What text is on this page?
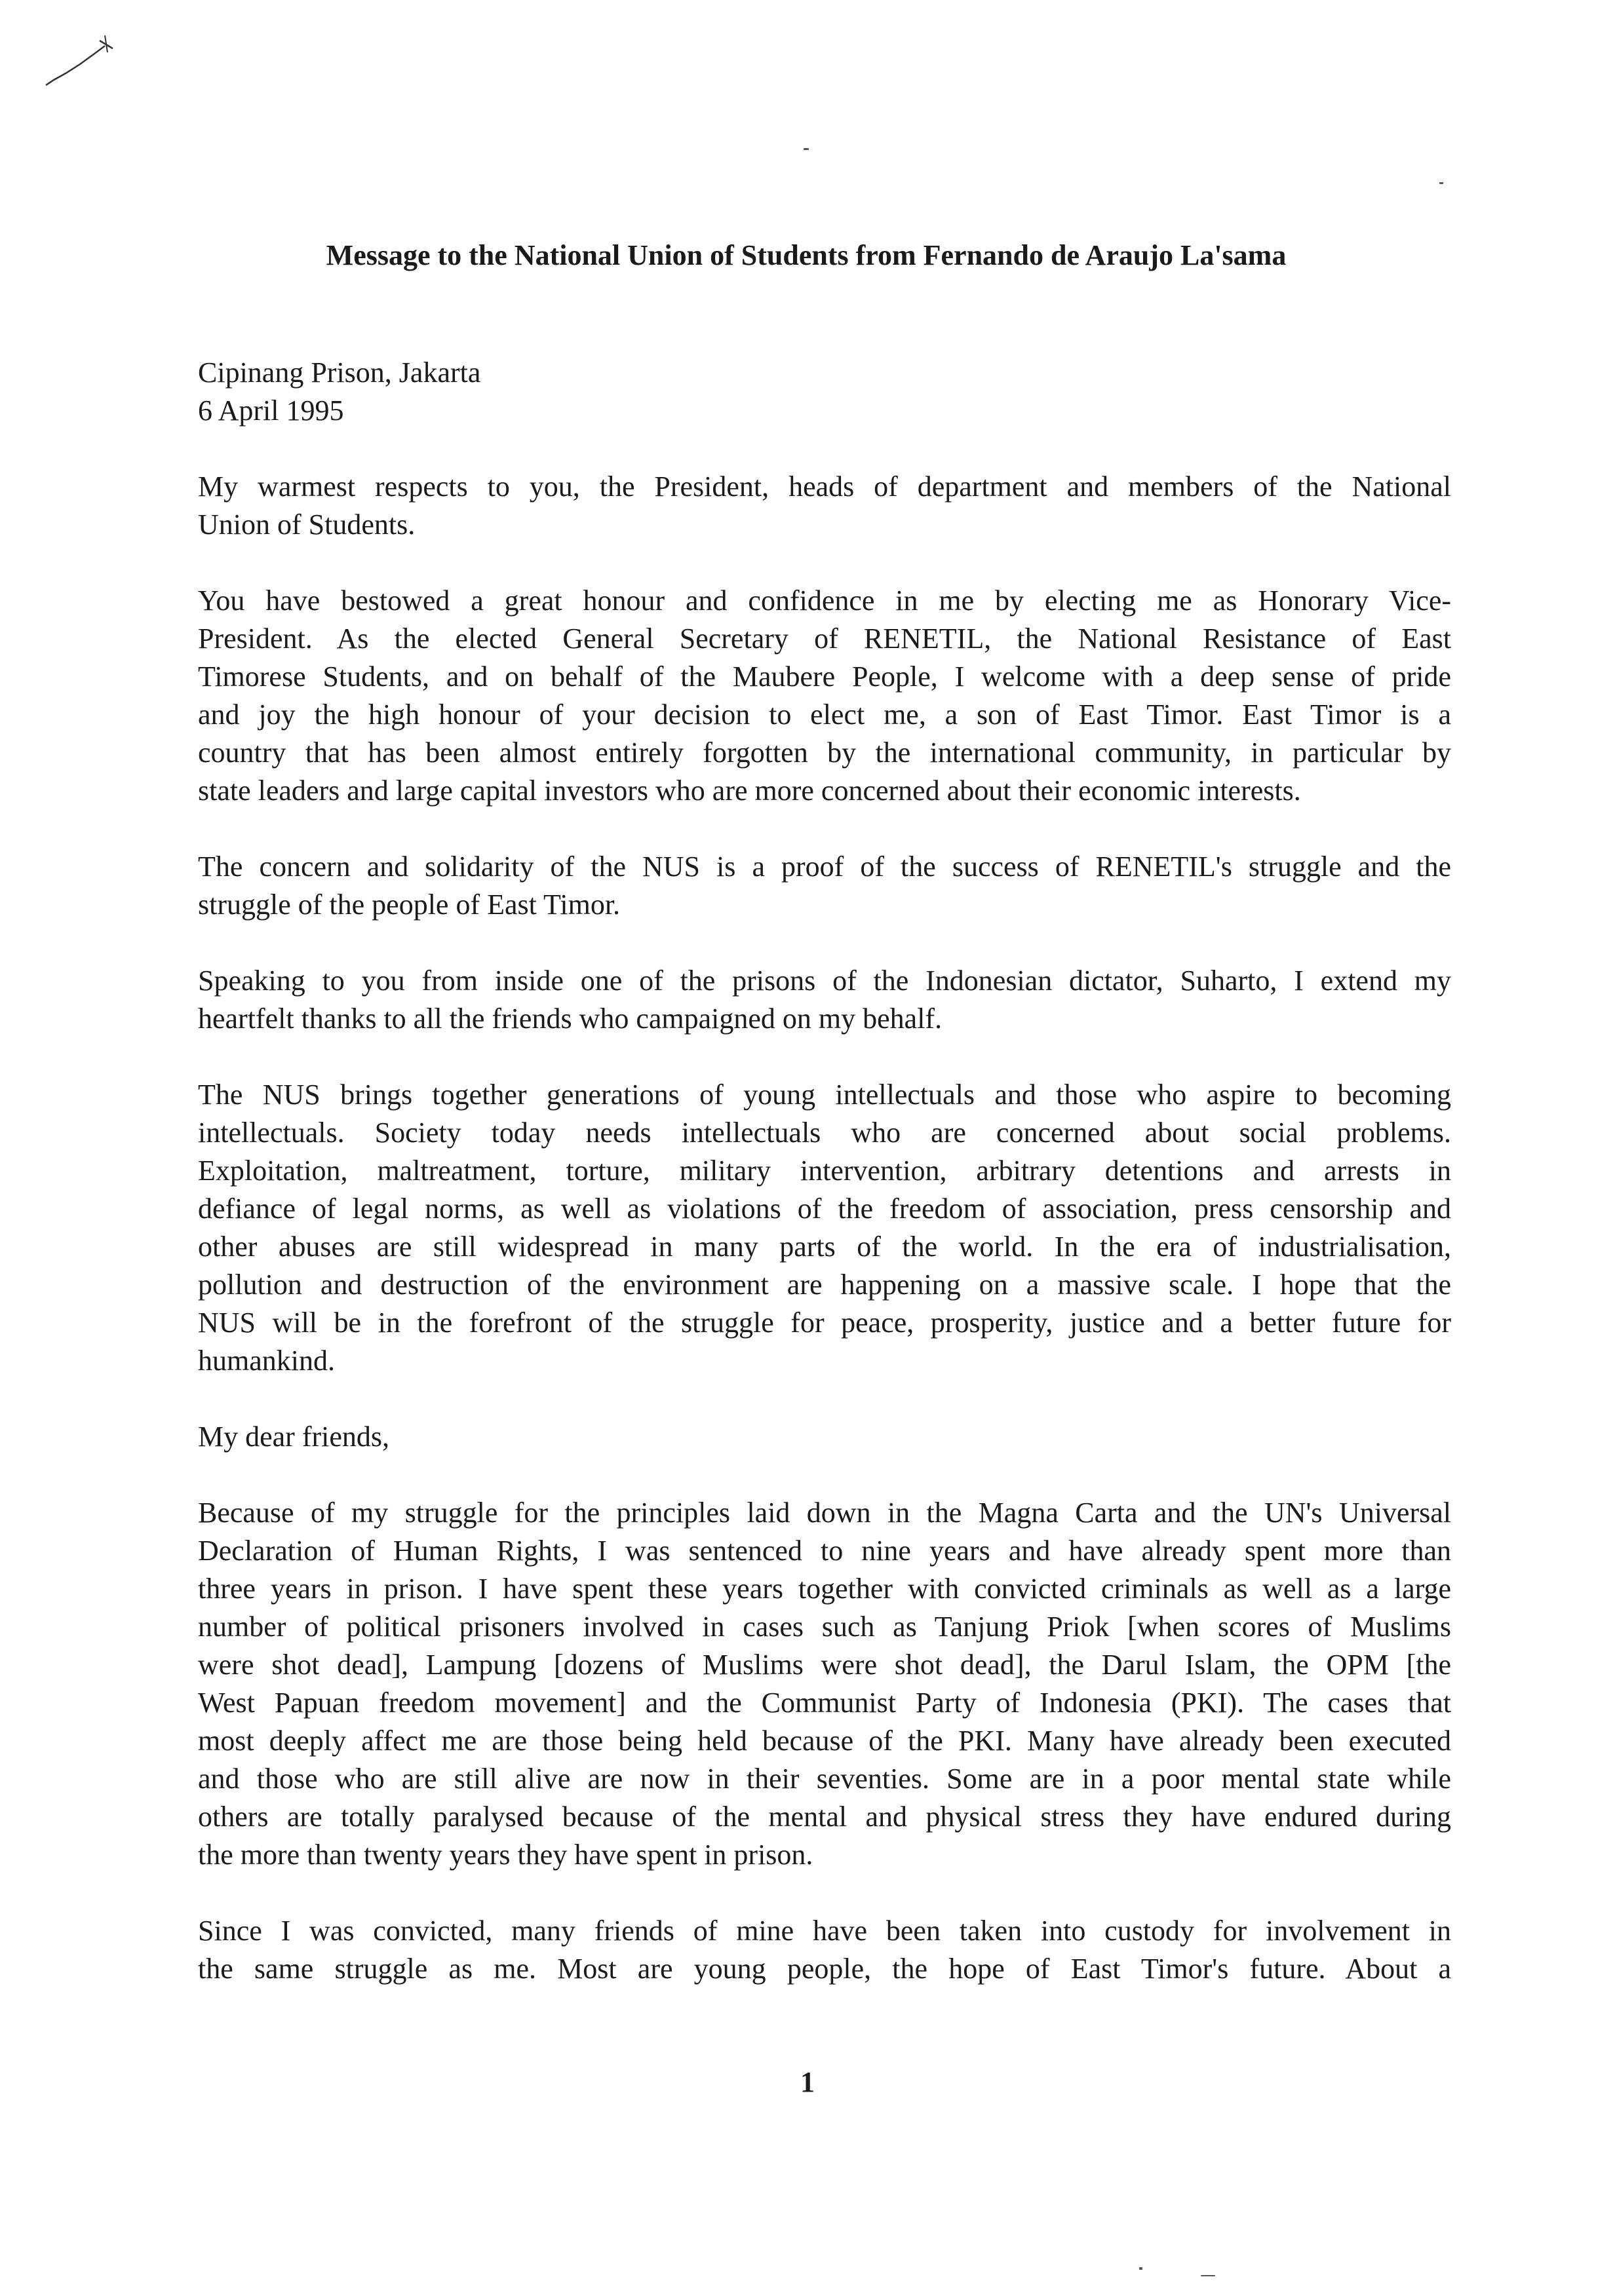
Message to the National Union of Students from Fernando de Araujo La'sama
Cipinang Prison, Jakarta
6 April 1995
My warmest respects to you, the President, heads of department and members of the National
Union of Students.
You have bestowed a great honour and confidence in me by electing me as Honorary Vice-
President. As the elected General Secretary of RENETIL, the National Resistance of East
Timorese Students, and on behalf of the Maubere People, I welcome with a deep sense of pride
and joy the high honour of your decision to elect me, a son of East Timor. East Timor is a
country that has been almost entirely forgotten by the international community, in particular by
state leaders and large capital investors who are more concerned about their economic interests.
The concern and solidarity of the NUS is a proof of the success of RENETIL's struggle and the
struggle of the people of East Timor.
Speaking to you from inside one of the prisons of the Indonesian dictator, Suharto, I extend my
heartfelt thanks to all the friends who campaigned on my behalf.
The NUS brings together generations of young intellectuals and those who aspire to becoming
intellectuals. Society today needs intellectuals who are concerned about social problems.
Exploitation, maltreatment, torture, military intervention, arbitrary detentions and arrests in
defiance of legal norms, as well as violations of the freedom of association, press censorship and
other abuses are still widespread in many parts of the world. In the era of industrialisation,
pollution and destruction of the environment are happening on a massive scale. I hope that the
NUS will be in the forefront of the struggle for peace, prosperity, justice and a better future for
humankind.
My dear friends,
Because of my struggle for the principles laid down in the Magna Carta and the UN's Universal
Declaration of Human Rights, I was sentenced to nine years and have already spent more than
three years in prison. I have spent these years together with convicted criminals as well as a large
number of political prisoners involved in cases such as Tanjung Priok [when scores of Muslims
were shot dead], Lampung [dozens of Muslims were shot dead], the Darul Islam, the OPM [the
West Papuan freedom movement] and the Communist Party of Indonesia (PKI). The cases that
most deeply affect me are those being held because of the PKI. Many have already been executed
and those who are still alive are now in their seventies. Some are in a poor mental state while
others are totally paralysed because of the mental and physical stress they have endured during
the more than twenty years they have spent in prison.
Since I was convicted, many friends of mine have been taken into custody for involvement in
the same struggle as me. Most are young people, the hope of East Timor's future. About a
1
